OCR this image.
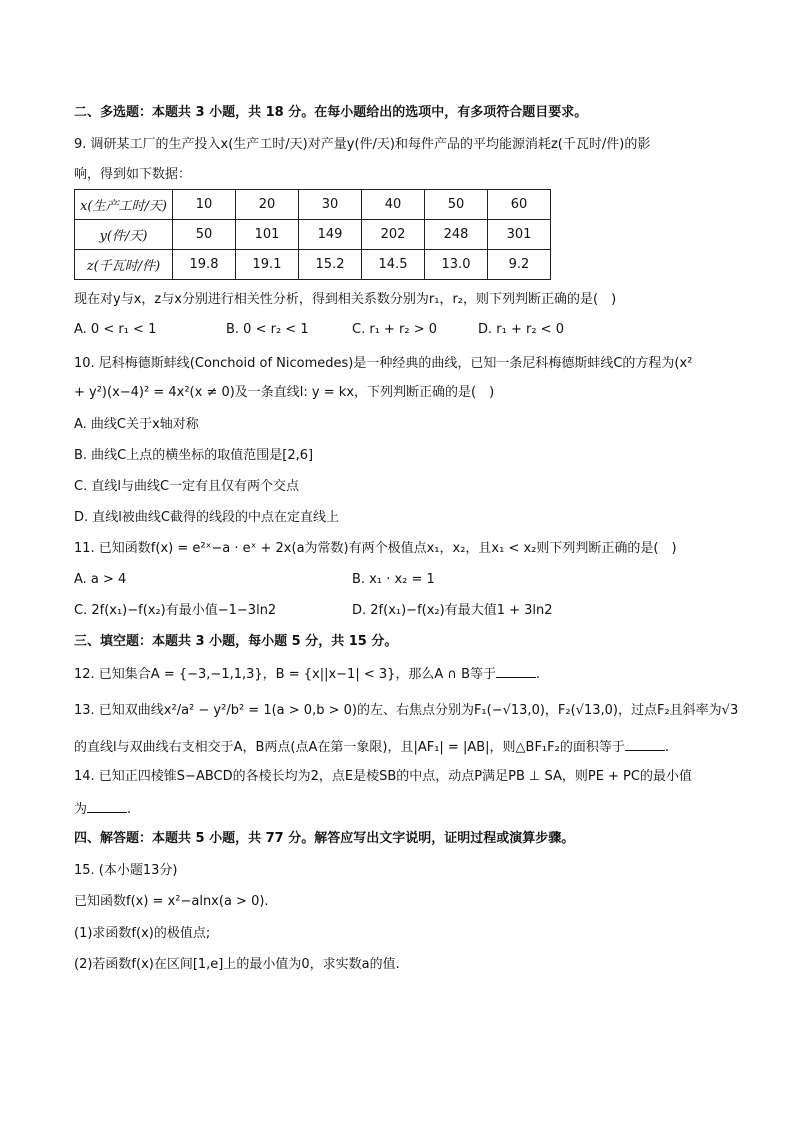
二、多选题：本题共 3 小题，共 18 分。在每小题给出的选项中，有多项符合题目要求。
9. 调研某工厂的生产投入x(生产工时/天)对产量y(件/天)和每件产品的平均能源消耗z(千瓦时/件)的影
响，得到如下数据：
x(生产工时/天)	10	20	30	40	50	60
y(件/天)	50	101	149	202	248	301
z(千瓦时/件)	19.8	19.1	15.2	14.5	13.0	9.2
现在对y与x，z与x分别进行相关性分析，得到相关系数分别为r₁，r₂，则下列判断正确的是(　)
A. 0 < r₁ < 1	B. 0 < r₂ < 1	C. r₁ + r₂ > 0	D. r₁ + r₂ < 0
10. 尼科梅德斯蚌线(Conchoid of Nicomedes)是一种经典的曲线，已知一条尼科梅德斯蚌线C的方程为(x²
+ y²)(x−4)² = 4x²(x ≠ 0)及一条直线l: y = kx，下列判断正确的是(　)
A. 曲线C关于x轴对称
B. 曲线C上点的横坐标的取值范围是[2,6]
C. 直线l与曲线C一定有且仅有两个交点
D. 直线l被曲线C截得的线段的中点在定直线上
11. 已知函数f(x) = e²ˣ−a · eˣ + 2x(a为常数)有两个极值点x₁，x₂，且x₁ < x₂则下列判断正确的是(　)
A. a > 4	B. x₁ · x₂ = 1
C. 2f(x₁)−f(x₂)有最小值−1−3ln2	D. 2f(x₁)−f(x₂)有最大值1 + 3ln2
三、填空题：本题共 3 小题，每小题 5 分，共 15 分。
12. 已知集合A = {−3,−1,1,3}，B = {x||x−1| < 3}，那么A ∩ B等于	.
13. 已知双曲线x²/a² − y²/b² = 1(a > 0,b > 0)的左、右焦点分别为F₁(−√13,0)，F₂(√13,0)，过点F₂且斜率为√3
的直线l与双曲线右支相交于A，B两点(点A在第一象限)，且|AF₁| = |AB|，则△BF₁F₂的面积等于	.
14. 已知正四棱锥S−ABCD的各棱长均为2，点E是棱SB的中点，动点P满足PB ⊥ SA，则PE + PC的最小值
为	.
四、解答题：本题共 5 小题，共 77 分。解答应写出文字说明，证明过程或演算步骤。
15. (本小题13分)
已知函数f(x) = x²−alnx(a > 0).
(1)求函数f(x)的极值点;
(2)若函数f(x)在区间[1,e]上的最小值为0，求实数a的值.
